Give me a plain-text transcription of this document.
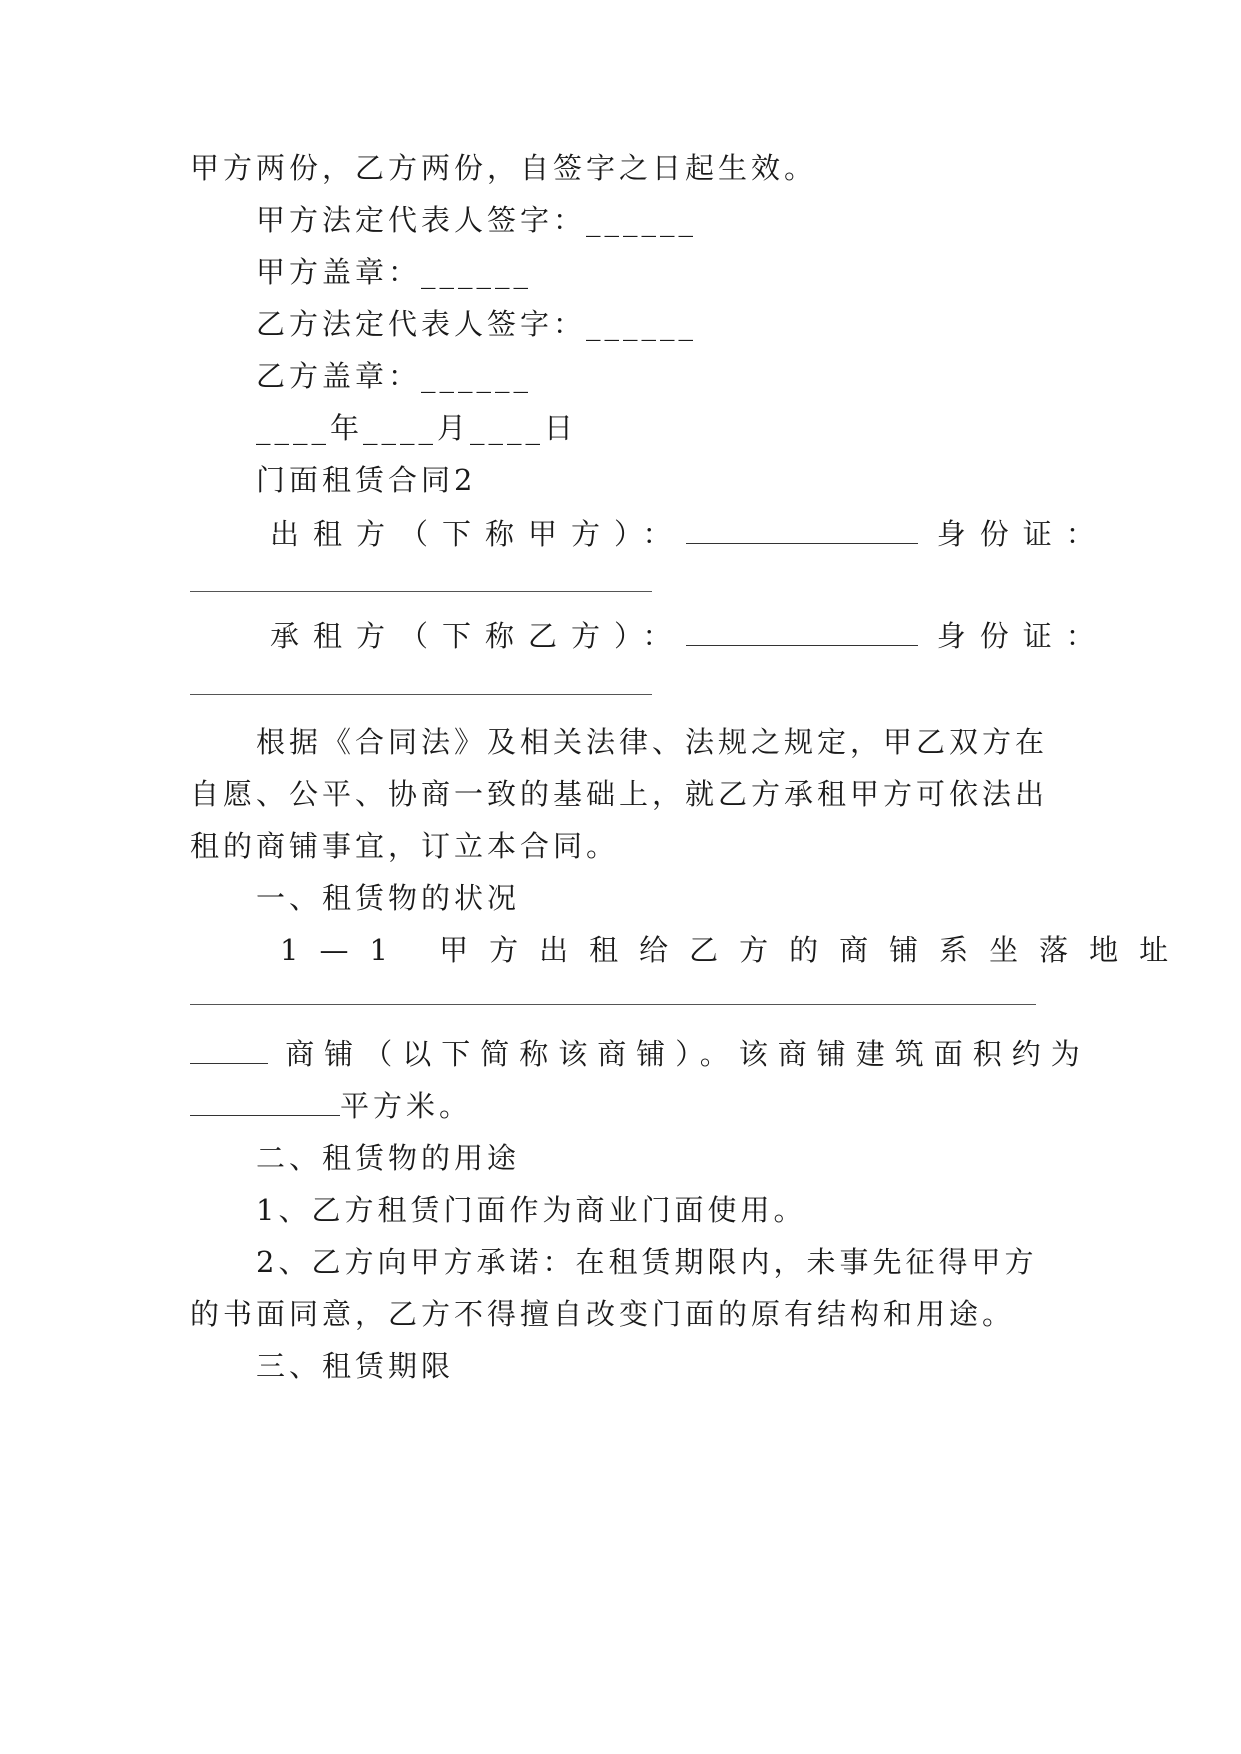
甲方两份，乙方两份，自签字之日起生效。
甲方法定代表人签字：______
甲方盖章：______
乙方法定代表人签字：______
乙方盖章：______
____年____月____日
门面租赁合同2
出租方（下称甲方）：	身份证：
承租方（下称乙方）：	身份证：
根据《合同法》及相关法律、法规之规定，甲乙双方在
自愿、公平、协商一致的基础上，就乙方承租甲方可依法出
租的商铺事宜，订立本合同。
一、租赁物的状况
1—1 甲方出租给乙方的商铺系坐落地址
商铺（以下简称该商铺）。该商铺建筑面积约为
平方米。
二、租赁物的用途
1、乙方租赁门面作为商业门面使用。
2、乙方向甲方承诺：在租赁期限内，未事先征得甲方
的书面同意，乙方不得擅自改变门面的原有结构和用途。
三、租赁期限
